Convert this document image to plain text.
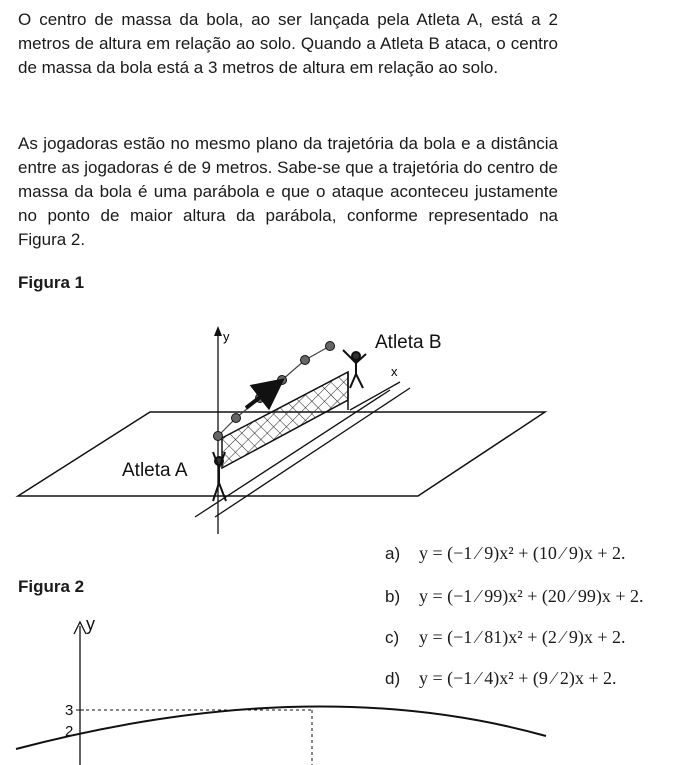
O centro de massa da bola, ao ser lançada pela Atleta A, está a 2 metros de altura em relação ao solo. Quando a Atleta B ataca, o centro de massa da bola está a 3 metros de altura em relação ao solo.

As jogadoras estão no mesmo plano da trajetória da bola e a distância entre as jogadoras é de 9 metros. Sabe-se que a trajetória do centro de massa da bola é uma parábola e que o ataque aconteceu justamente no ponto de maior altura da parábola, conforme representado na Figura 2.

Figura 1

y
x
Atleta A
Atleta B
y
3
2

Figura 2

a) y = (−1 ⁄ 9)x² + (10 ⁄ 9)x + 2.

b) y = (−1 ⁄ 99)x² + (20 ⁄ 99)x + 2.

c) y = (−1 ⁄ 81)x² + (2 ⁄ 9)x + 2.

d) y = (−1 ⁄ 4)x² + (9 ⁄ 2)x + 2.
